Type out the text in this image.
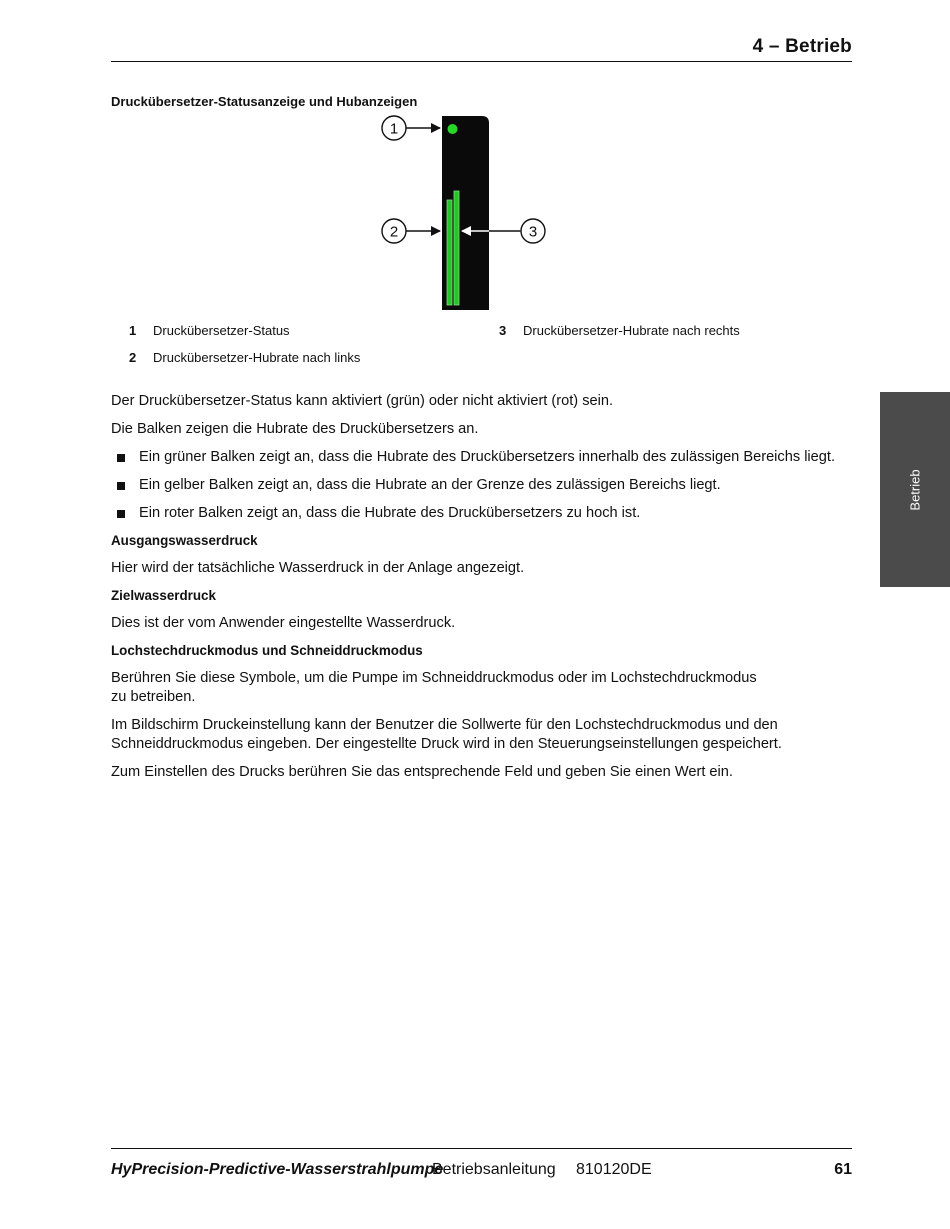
4 – Betrieb
Druckübersetzer-Statusanzeige und Hubanzeigen
1
2	3
1	Druckübersetzer-Status
2	Druckübersetzer-Hubrate nach links
3	Druckübersetzer-Hubrate nach rechts

Der Druckübersetzer-Status kann aktiviert (grün) oder nicht aktiviert (rot) sein.

Die Balken zeigen die Hubrate des Druckübersetzers an.

Ein grüner Balken zeigt an, dass die Hubrate des Druckübersetzers innerhalb des zulässigen Bereichs liegt.
Ein gelber Balken zeigt an, dass die Hubrate an der Grenze des zulässigen Bereichs liegt.
Ein roter Balken zeigt an, dass die Hubrate des Druckübersetzers zu hoch ist.
Ausgangswasserdruck

Hier wird der tatsächliche Wasserdruck in der Anlage angezeigt.

Zielwasserdruck

Dies ist der vom Anwender eingestellte Wasserdruck.

Lochstechdruckmodus und Schneiddruckmodus

Berühren Sie diese Symbole, um die Pumpe im Schneiddruckmodus oder im Lochstechdruckmodus

zu betreiben.

Im Bildschirm Druckeinstellung kann der Benutzer die Sollwerte für den Lochstechdruckmodus und den

Schneiddruckmodus eingeben. Der eingestellte Druck wird in den Steuerungseinstellungen gespeichert.

Zum Einstellen des Drucks berühren Sie das entsprechende Feld und geben Sie einen Wert ein.

Betrieb
HyPrecision-Predictive-Wasserstrahlpumpe
Betriebsanleitung 810120DE	61
